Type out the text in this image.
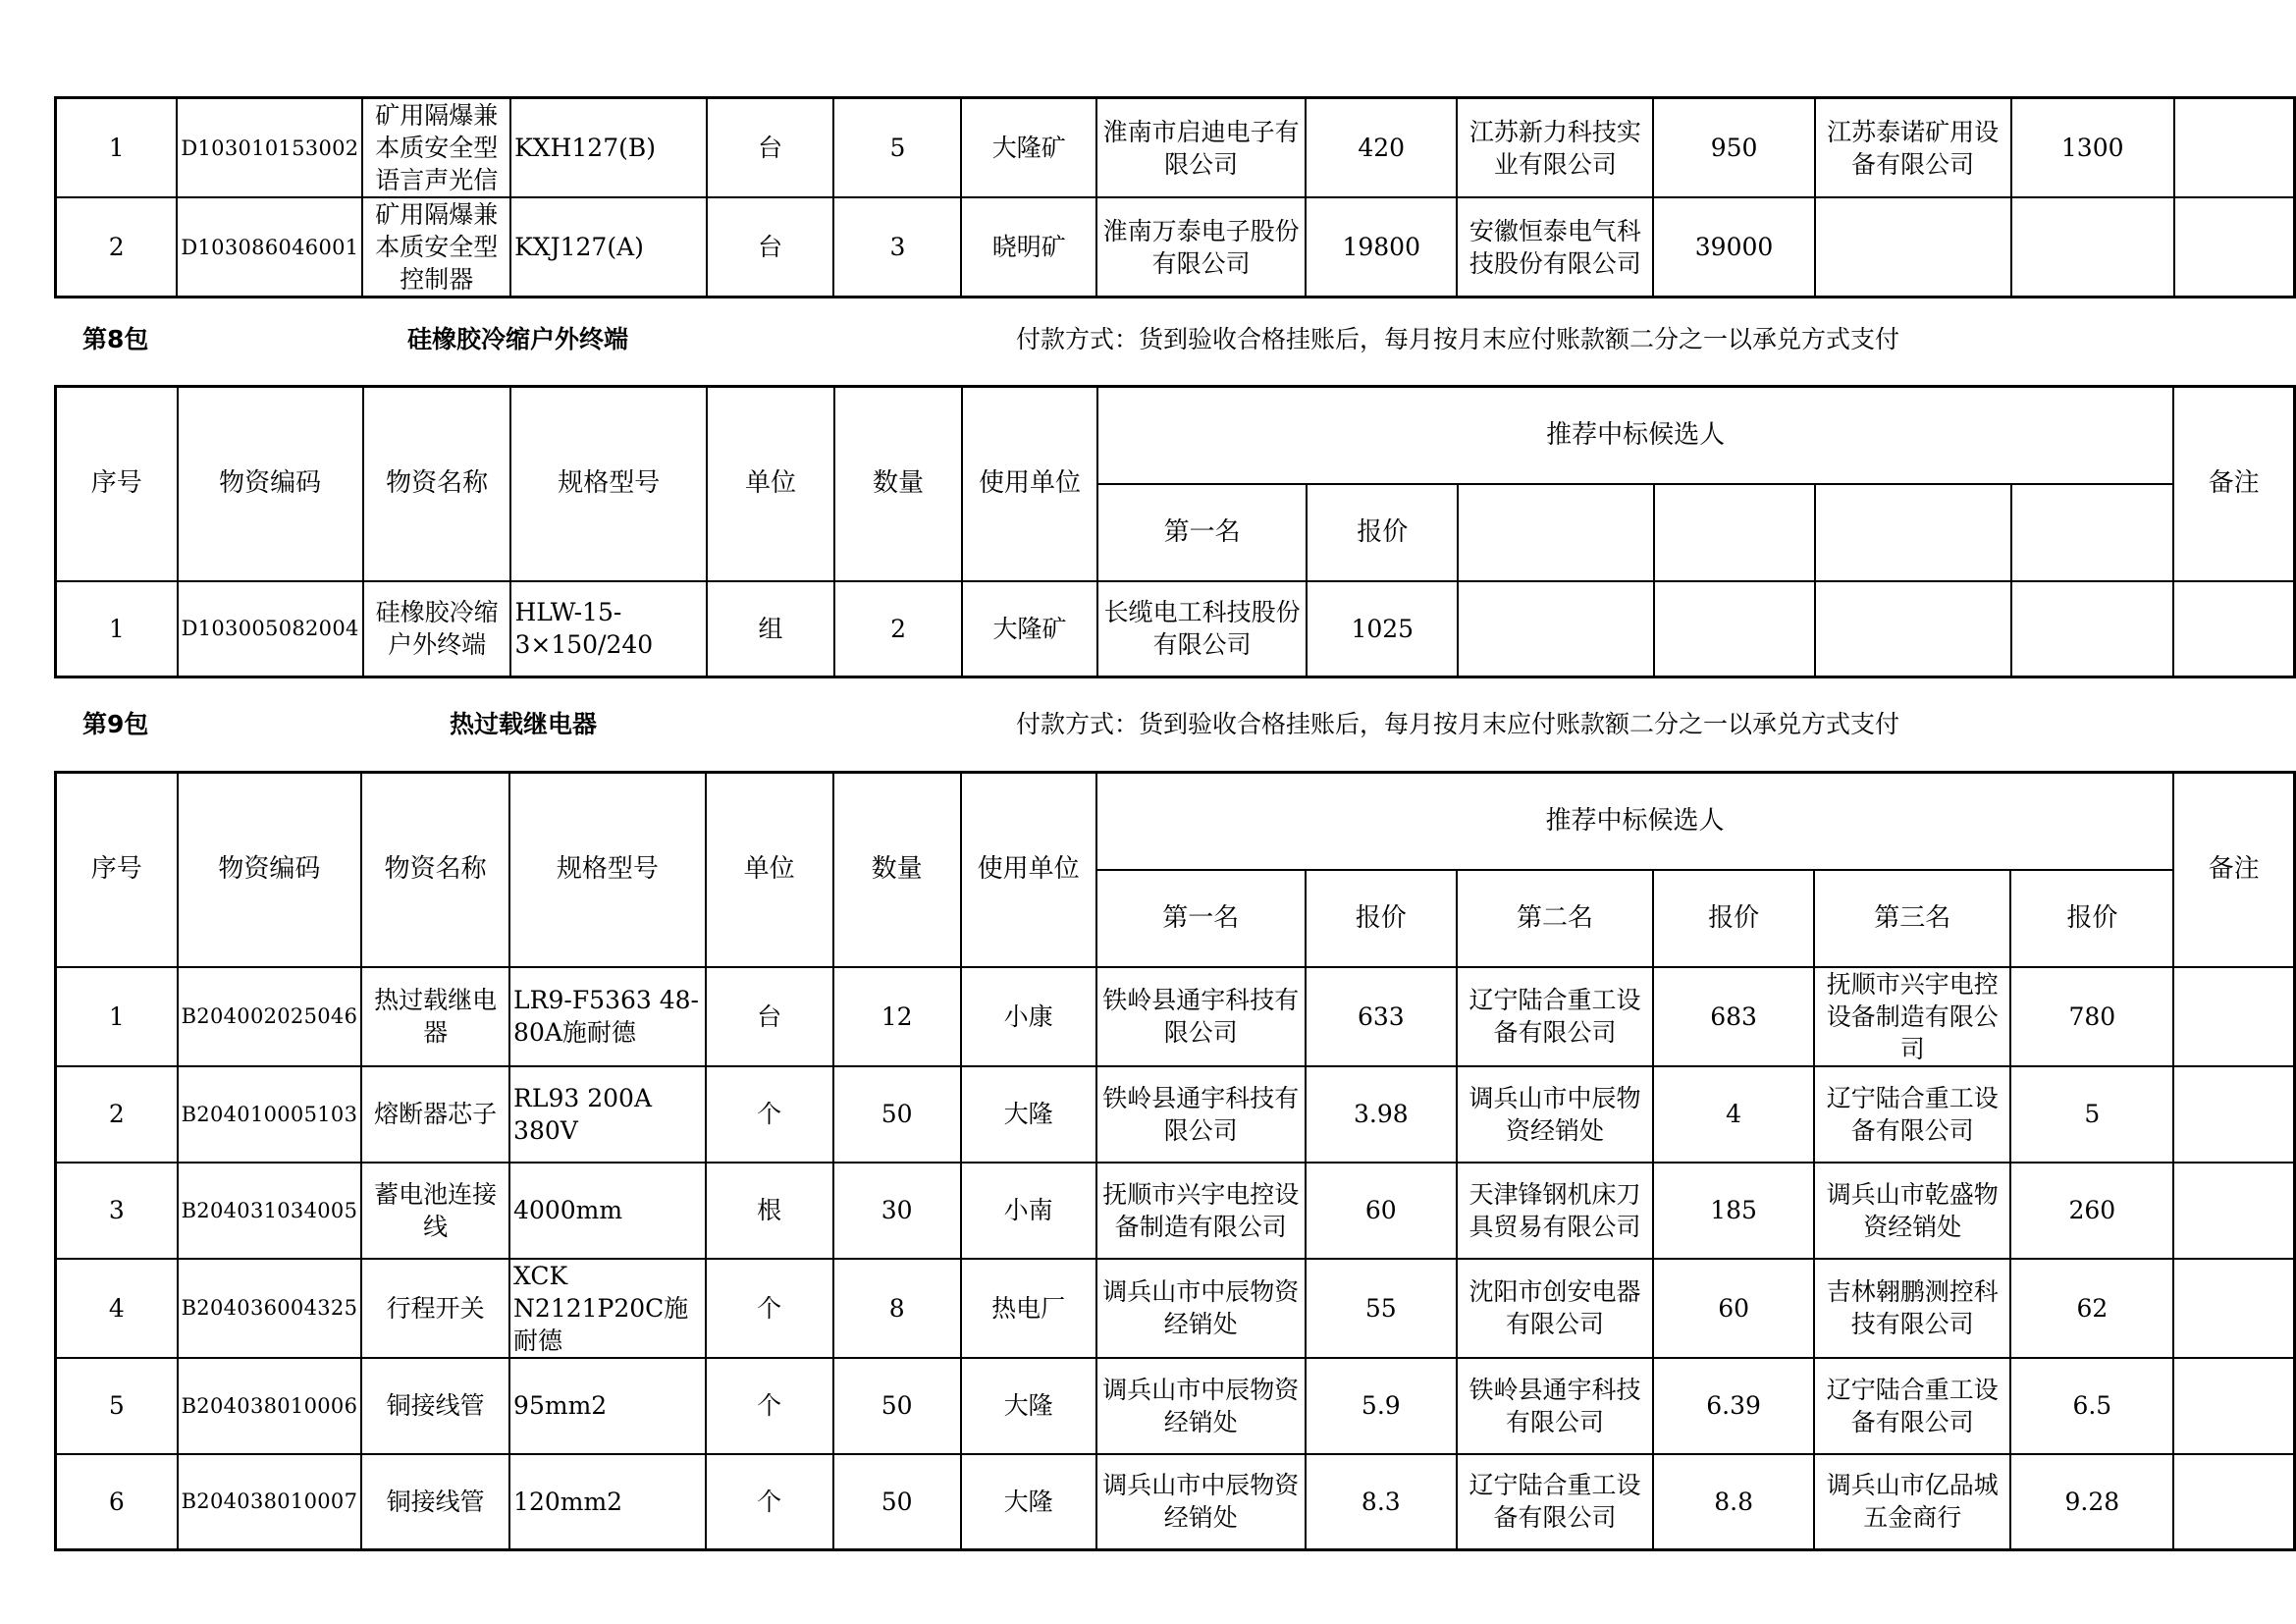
1	D103010153002	矿用隔爆兼本质安全型语言声光信	KXH127(B)	台	5	大隆矿	淮南市启迪电子有限公司	420	江苏新力科技实业有限公司	950	江苏泰诺矿用设备有限公司	1300	
2	D103086046001	矿用隔爆兼本质安全型控制器	KXJ127(A)	台	3	晓明矿	淮南万泰电子股份有限公司	19800	安徽恒泰电气科技股份有限公司	39000			
第8包	硅橡胶冷缩户外终端	付款方式：货到验收合格挂账后，每月按月末应付账款额二分之一以承兑方式支付
序号	物资编码	物资名称	规格型号	单位	数量	使用单位	推荐中标候选人						备注
							第一名	报价					
1	D103005082004	硅橡胶冷缩户外终端	HLW-15-3×150/240	组	2	大隆矿	长缆电工科技股份有限公司	1025					
第9包	热过载继电器	付款方式：货到验收合格挂账后，每月按月末应付账款额二分之一以承兑方式支付
序号	物资编码	物资名称	规格型号	单位	数量	使用单位	推荐中标候选人						备注
							第一名	报价	第二名	报价	第三名	报价	
1	B204002025046	热过载继电器	LR9-F5363 48-80A施耐德	台	12	小康	铁岭县通宇科技有限公司	633	辽宁陆合重工设备有限公司	683	抚顺市兴宇电控设备制造有限公司	780	
2	B204010005103	熔断器芯子	RL93 200A 380V	个	50	大隆	铁岭县通宇科技有限公司	3.98	调兵山市中辰物资经销处	4	辽宁陆合重工设备有限公司	5	
3	B204031034005	蓄电池连接线	4000mm	根	30	小南	抚顺市兴宇电控设备制造有限公司	60	天津锋钢机床刀具贸易有限公司	185	调兵山市乾盛物资经销处	260	
4	B204036004325	行程开关	XCK N2121P20C施耐德	个	8	热电厂	调兵山市中辰物资经销处	55	沈阳市创安电器有限公司	60	吉林翱鹏测控科技有限公司	62	
5	B204038010006	铜接线管	95mm2	个	50	大隆	调兵山市中辰物资经销处	5.9	铁岭县通宇科技有限公司	6.39	辽宁陆合重工设备有限公司	6.5	
6	B204038010007	铜接线管	120mm2	个	50	大隆	调兵山市中辰物资经销处	8.3	辽宁陆合重工设备有限公司	8.8	调兵山市亿品城五金商行	9.28	
